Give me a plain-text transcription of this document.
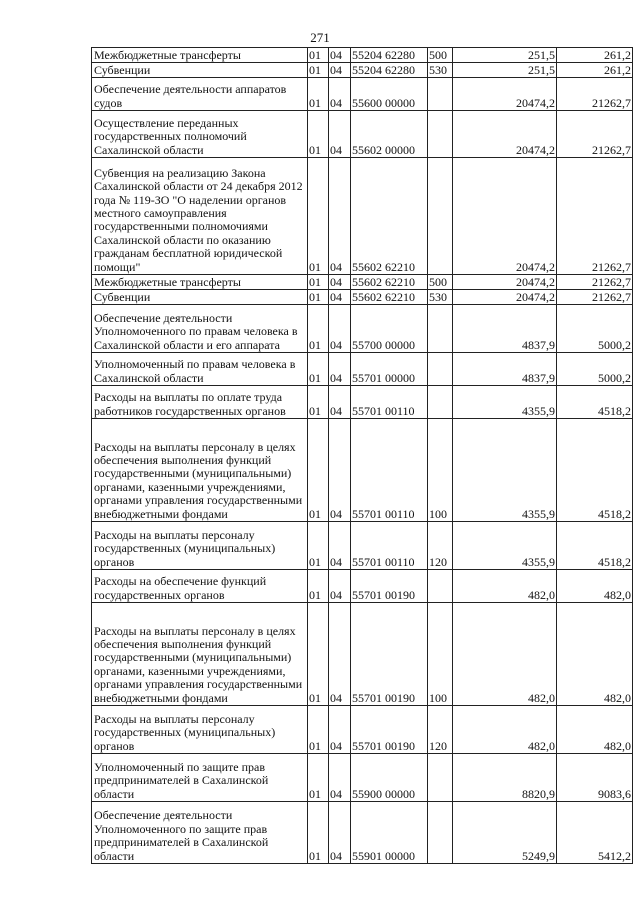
271
Межбюджетные трансферты	01	04	55204 62280	500	251,5	261,2
Субвенции	01	04	55204 62280	530	251,5	261,2
Обеспечение деятельности аппаратов судов	01	04	55600 00000		20474,2	21262,7
Осуществление переданных государственных полномочий Сахалинской области	01	04	55602 00000		20474,2	21262,7
Субвенция на реализацию Закона Сахалинской области от 24 декабря 2012 года № 119-ЗО "О наделении органов местного самоуправления государственными полномочиями Сахалинской области по оказанию гражданам бесплатной юридической помощи"	01	04	55602 62210		20474,2	21262,7
Межбюджетные трансферты	01	04	55602 62210	500	20474,2	21262,7
Субвенции	01	04	55602 62210	530	20474,2	21262,7
Обеспечение деятельности Уполномоченного по правам человека в Сахалинской области и его аппарата	01	04	55700 00000		4837,9	5000,2
Уполномоченный по правам человека в Сахалинской области	01	04	55701 00000		4837,9	5000,2
Расходы на выплаты по оплате труда работников государственных органов	01	04	55701 00110		4355,9	4518,2
Расходы на выплаты персоналу в целях обеспечения выполнения функций государственными (муниципальными) органами, казенными учреждениями, органами управления государственными внебюджетными фондами	01	04	55701 00110	100	4355,9	4518,2
Расходы на выплаты персоналу государственных (муниципальных) органов	01	04	55701 00110	120	4355,9	4518,2
Расходы на обеспечение функций государственных органов	01	04	55701 00190		482,0	482,0
Расходы на выплаты персоналу в целях обеспечения выполнения функций государственными (муниципальными) органами, казенными учреждениями, органами управления государственными внебюджетными фондами	01	04	55701 00190	100	482,0	482,0
Расходы на выплаты персоналу государственных (муниципальных) органов	01	04	55701 00190	120	482,0	482,0
Уполномоченный по защите прав предпринимателей в Сахалинской области	01	04	55900 00000		8820,9	9083,6
Обеспечение деятельности Уполномоченного по защите прав предпринимателей в Сахалинской области	01	04	55901 00000		5249,9	5412,2
